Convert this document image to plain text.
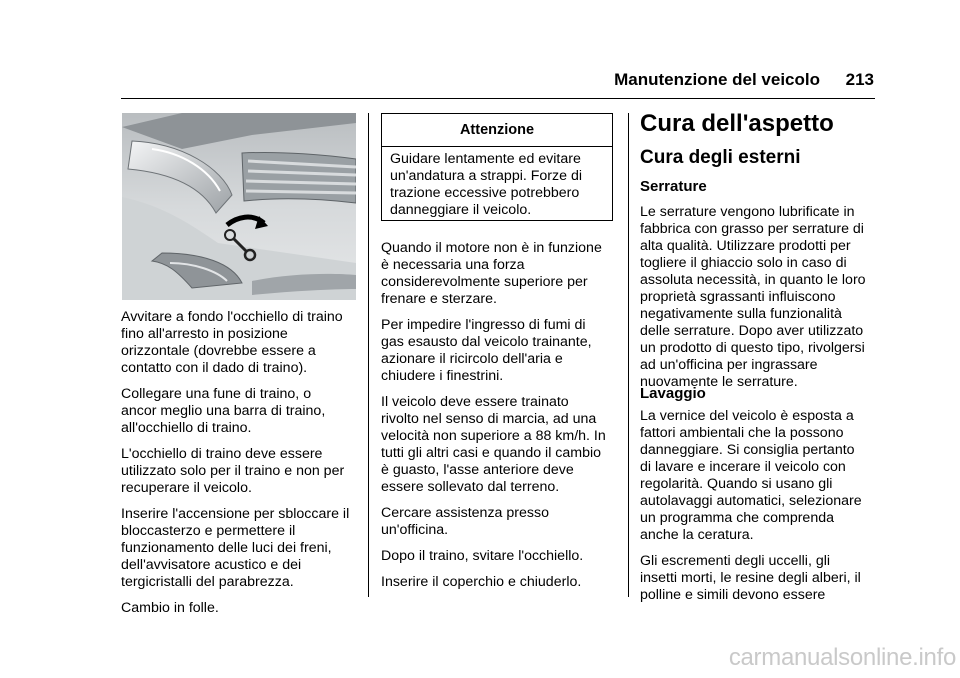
Manutenzione del veicolo	213

Avvitare a fondo l'occhiello di traino
fino all'arresto in posizione
orizzontale (dovrebbe essere a
contatto con il dado di traino).

Collegare una fune di traino, o
ancor meglio una barra di traino,
all'occhiello di traino.

L'occhiello di traino deve essere
utilizzato solo per il traino e non per
recuperare il veicolo.

Inserire l'accensione per sbloccare il
bloccasterzo e permettere il
funzionamento delle luci dei freni,
dell'avvisatore acustico e dei
tergicristalli del parabrezza.

Cambio in folle.

Attenzione
Guidare lentamente ed evitare
un'andatura a strappi. Forze di
trazione eccessive potrebbero
danneggiare il veicolo.

Quando il motore non è in funzione
è necessaria una forza
considerevolmente superiore per
frenare e sterzare.

Per impedire l'ingresso di fumi di
gas esausto dal veicolo trainante,
azionare il ricircolo dell'aria e
chiudere i finestrini.

Il veicolo deve essere trainato
rivolto nel senso di marcia, ad una
velocità non superiore a 88 km/h. In
tutti gli altri casi e quando il cambio
è guasto, l'asse anteriore deve
essere sollevato dal terreno.

Cercare assistenza presso
un'officina.

Dopo il traino, svitare l'occhiello.

Inserire il coperchio e chiuderlo.

Cura dell'aspetto
Cura degli esterni
Serrature

Le serrature vengono lubrificate in
fabbrica con grasso per serrature di
alta qualità. Utilizzare prodotti per
togliere il ghiaccio solo in caso di
assoluta necessità, in quanto le loro
proprietà sgrassanti influiscono
negativamente sulla funzionalità
delle serrature. Dopo aver utilizzato
un prodotto di questo tipo, rivolgersi
ad un'officina per ingrassare
nuovamente le serrature.

Lavaggio

La vernice del veicolo è esposta a
fattori ambientali che la possono
danneggiare. Si consiglia pertanto
di lavare e incerare il veicolo con
regolarità. Quando si usano gli
autolavaggi automatici, selezionare
un programma che comprenda
anche la ceratura.

Gli escrementi degli uccelli, gli
insetti morti, le resine degli alberi, il
polline e simili devono essere

carmanualsonline.info
